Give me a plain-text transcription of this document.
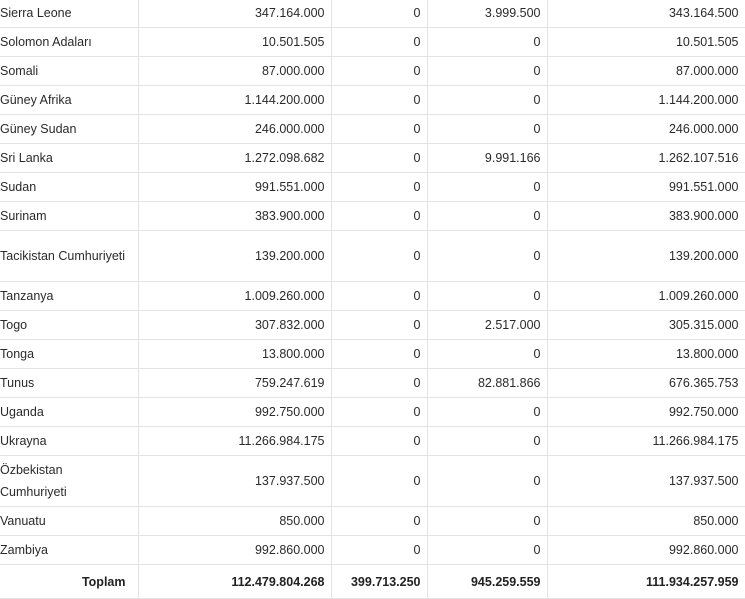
Sierra Leone	347.164.000	0	3.999.500	343.164.500
Solomon Adaları	10.501.505	0	0	10.501.505
Somali	87.000.000	0	0	87.000.000
Güney Afrika	1.144.200.000	0	0	1.144.200.000
Güney Sudan	246.000.000	0	0	246.000.000
Sri Lanka	1.272.098.682	0	9.991.166	1.262.107.516
Sudan	991.551.000	0	0	991.551.000
Surinam	383.900.000	0	0	383.900.000
Tacikistan Cumhuriyeti	139.200.000	0	0	139.200.000
Tanzanya	1.009.260.000	0	0	1.009.260.000
Togo	307.832.000	0	2.517.000	305.315.000
Tonga	13.800.000	0	0	13.800.000
Tunus	759.247.619	0	82.881.866	676.365.753
Uganda	992.750.000	0	0	992.750.000
Ukrayna	11.266.984.175	0	0	11.266.984.175
Özbekistan Cumhuriyeti	137.937.500	0	0	137.937.500
Vanuatu	850.000	0	0	850.000
Zambiya	992.860.000	0	0	992.860.000
Toplam	112.479.804.268	399.713.250	945.259.559	111.934.257.959
